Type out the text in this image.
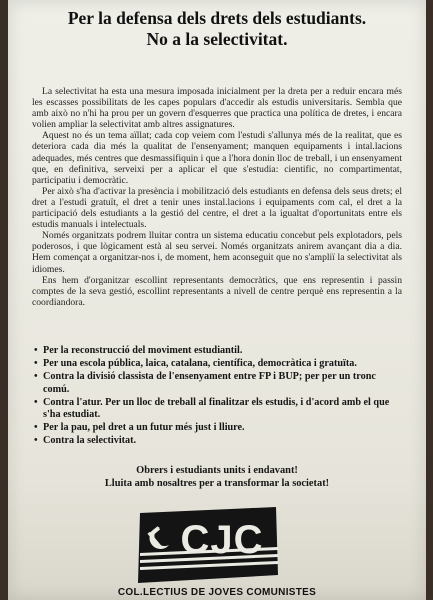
Per la defensa dels drets dels estudiants.
No a la selectivitat.

La selectivitat ha esta una mesura imposada inicialment per la dreta per a reduir encara més les escasses possibilitats de les capes populars d'accedir als estudis universitaris. Sembla que amb això no n'hi ha prou per un govern d'esquerres que practica una política de dretes, i encara volien ampliar la selectivitat amb altres assignatures.

Aquest no és un tema aïllat; cada cop veiem com l'estudi s'allunya més de la realitat, que es deteriora cada dia més la qualitat de l'ensenyament; manquen equipaments i intal.lacions adequades, més centres que desmassifiquin i que a l'hora donin lloc de treball, i un ensenyament que, en definitiva, serveixi per a aplicar el que s'estudia: cientific, no compartimentat, participatiu i democràtic.

Per això s'ha d'activar la presència i mobilització dels estudiants en defensa dels seus drets; el dret a l'estudi gratuït, el dret a tenir unes instal.lacions i equipaments com cal, el dret a la participació dels estudiants a la gestió del centre, el dret a la igualtat d'oportunitats entre els estudis manuals i intelectuals.

Només organitzats podrem lluitar contra un sistema educatiu concebut pels explotadors, pels poderosos, i que lògicament està al seu servei. Només organitzats anirem avançant dia a dia. Hem començat a organitzar-nos i, de moment, hem aconseguit que no s'ampliï la selectivitat als idiomes.

Ens hem d'organitzar escollint representants democràtics, que ens representin i passin comptes de la seva gestió, escollint representants a nivell de centre perquè ens representin a la coordiandora.

• Per la reconstrucció del moviment estudiantil.
• Per una escola pública, laica, catalana, científica, democràtica i gratuïta.
• Contra la divisió classista de l'ensenyament entre FP i BUP; per per un tronc comú.
• Contra l'atur. Per un lloc de treball al finalitzar els estudis, i d'acord amb el que s'ha estudiat.
• Per la pau, pel dret a un futur més just i lliure.
• Contra la selectivitat.
Obrers i estudiants units i endavant!
Lluita amb nosaltres per a transformar la societat!
CJC
COL.LECTIUS DE JOVES COMUNISTES
